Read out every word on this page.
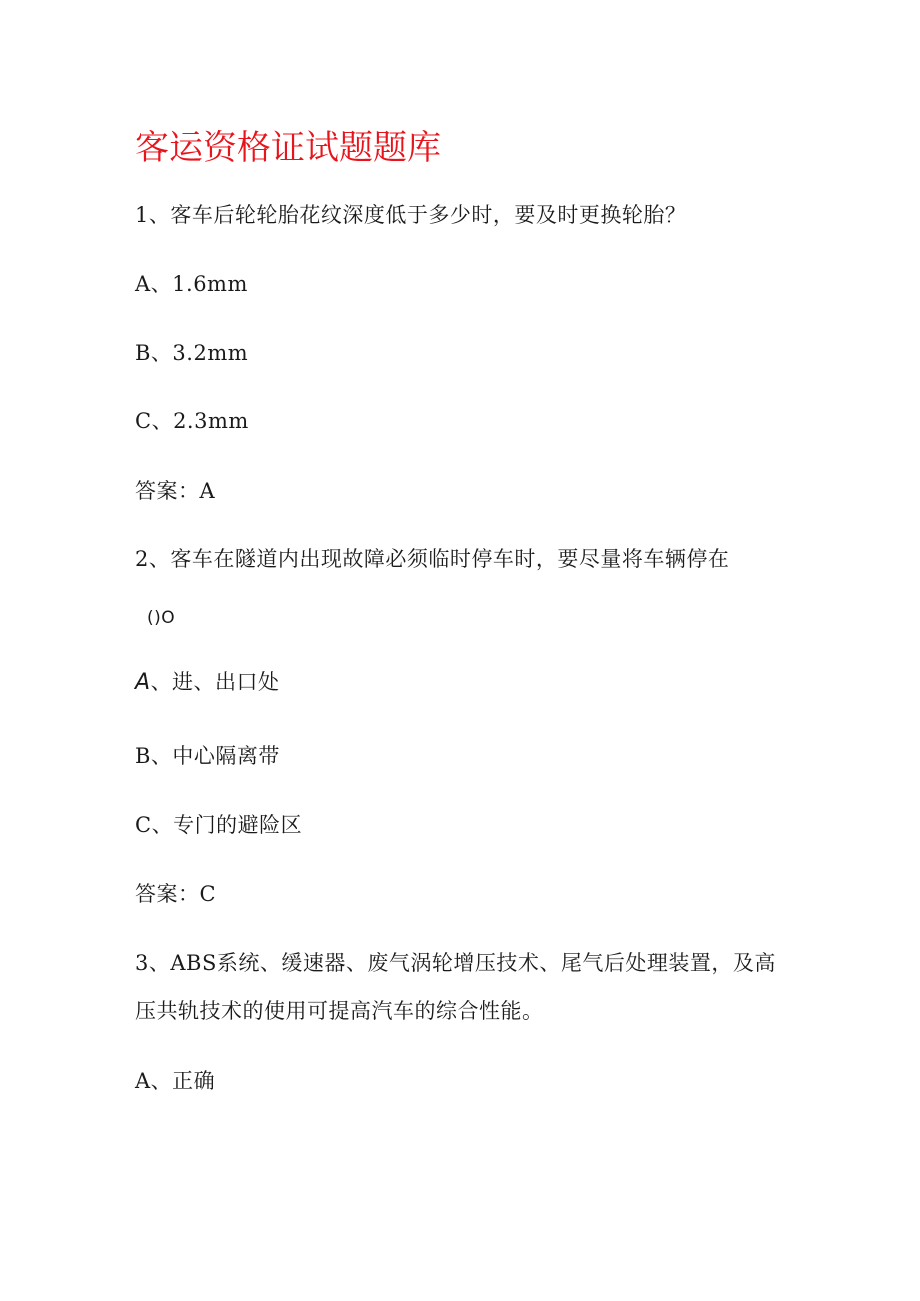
客运资格证试题题库
1、客车后轮轮胎花纹深度低于多少时，要及时更换轮胎？
A、1.6mm
B、3.2mm
C、2.3mm
答案：A
2、客车在隧道内出现故障必须临时停车时，要尽量将车辆停在
()O
A、进、出口处
B、中心隔离带
C、专门的避险区
答案：C
3、ABS系统、缓速器、废气涡轮增压技术、尾气后处理装置，及高
压共轨技术的使用可提高汽车的综合性能。
A、正确
